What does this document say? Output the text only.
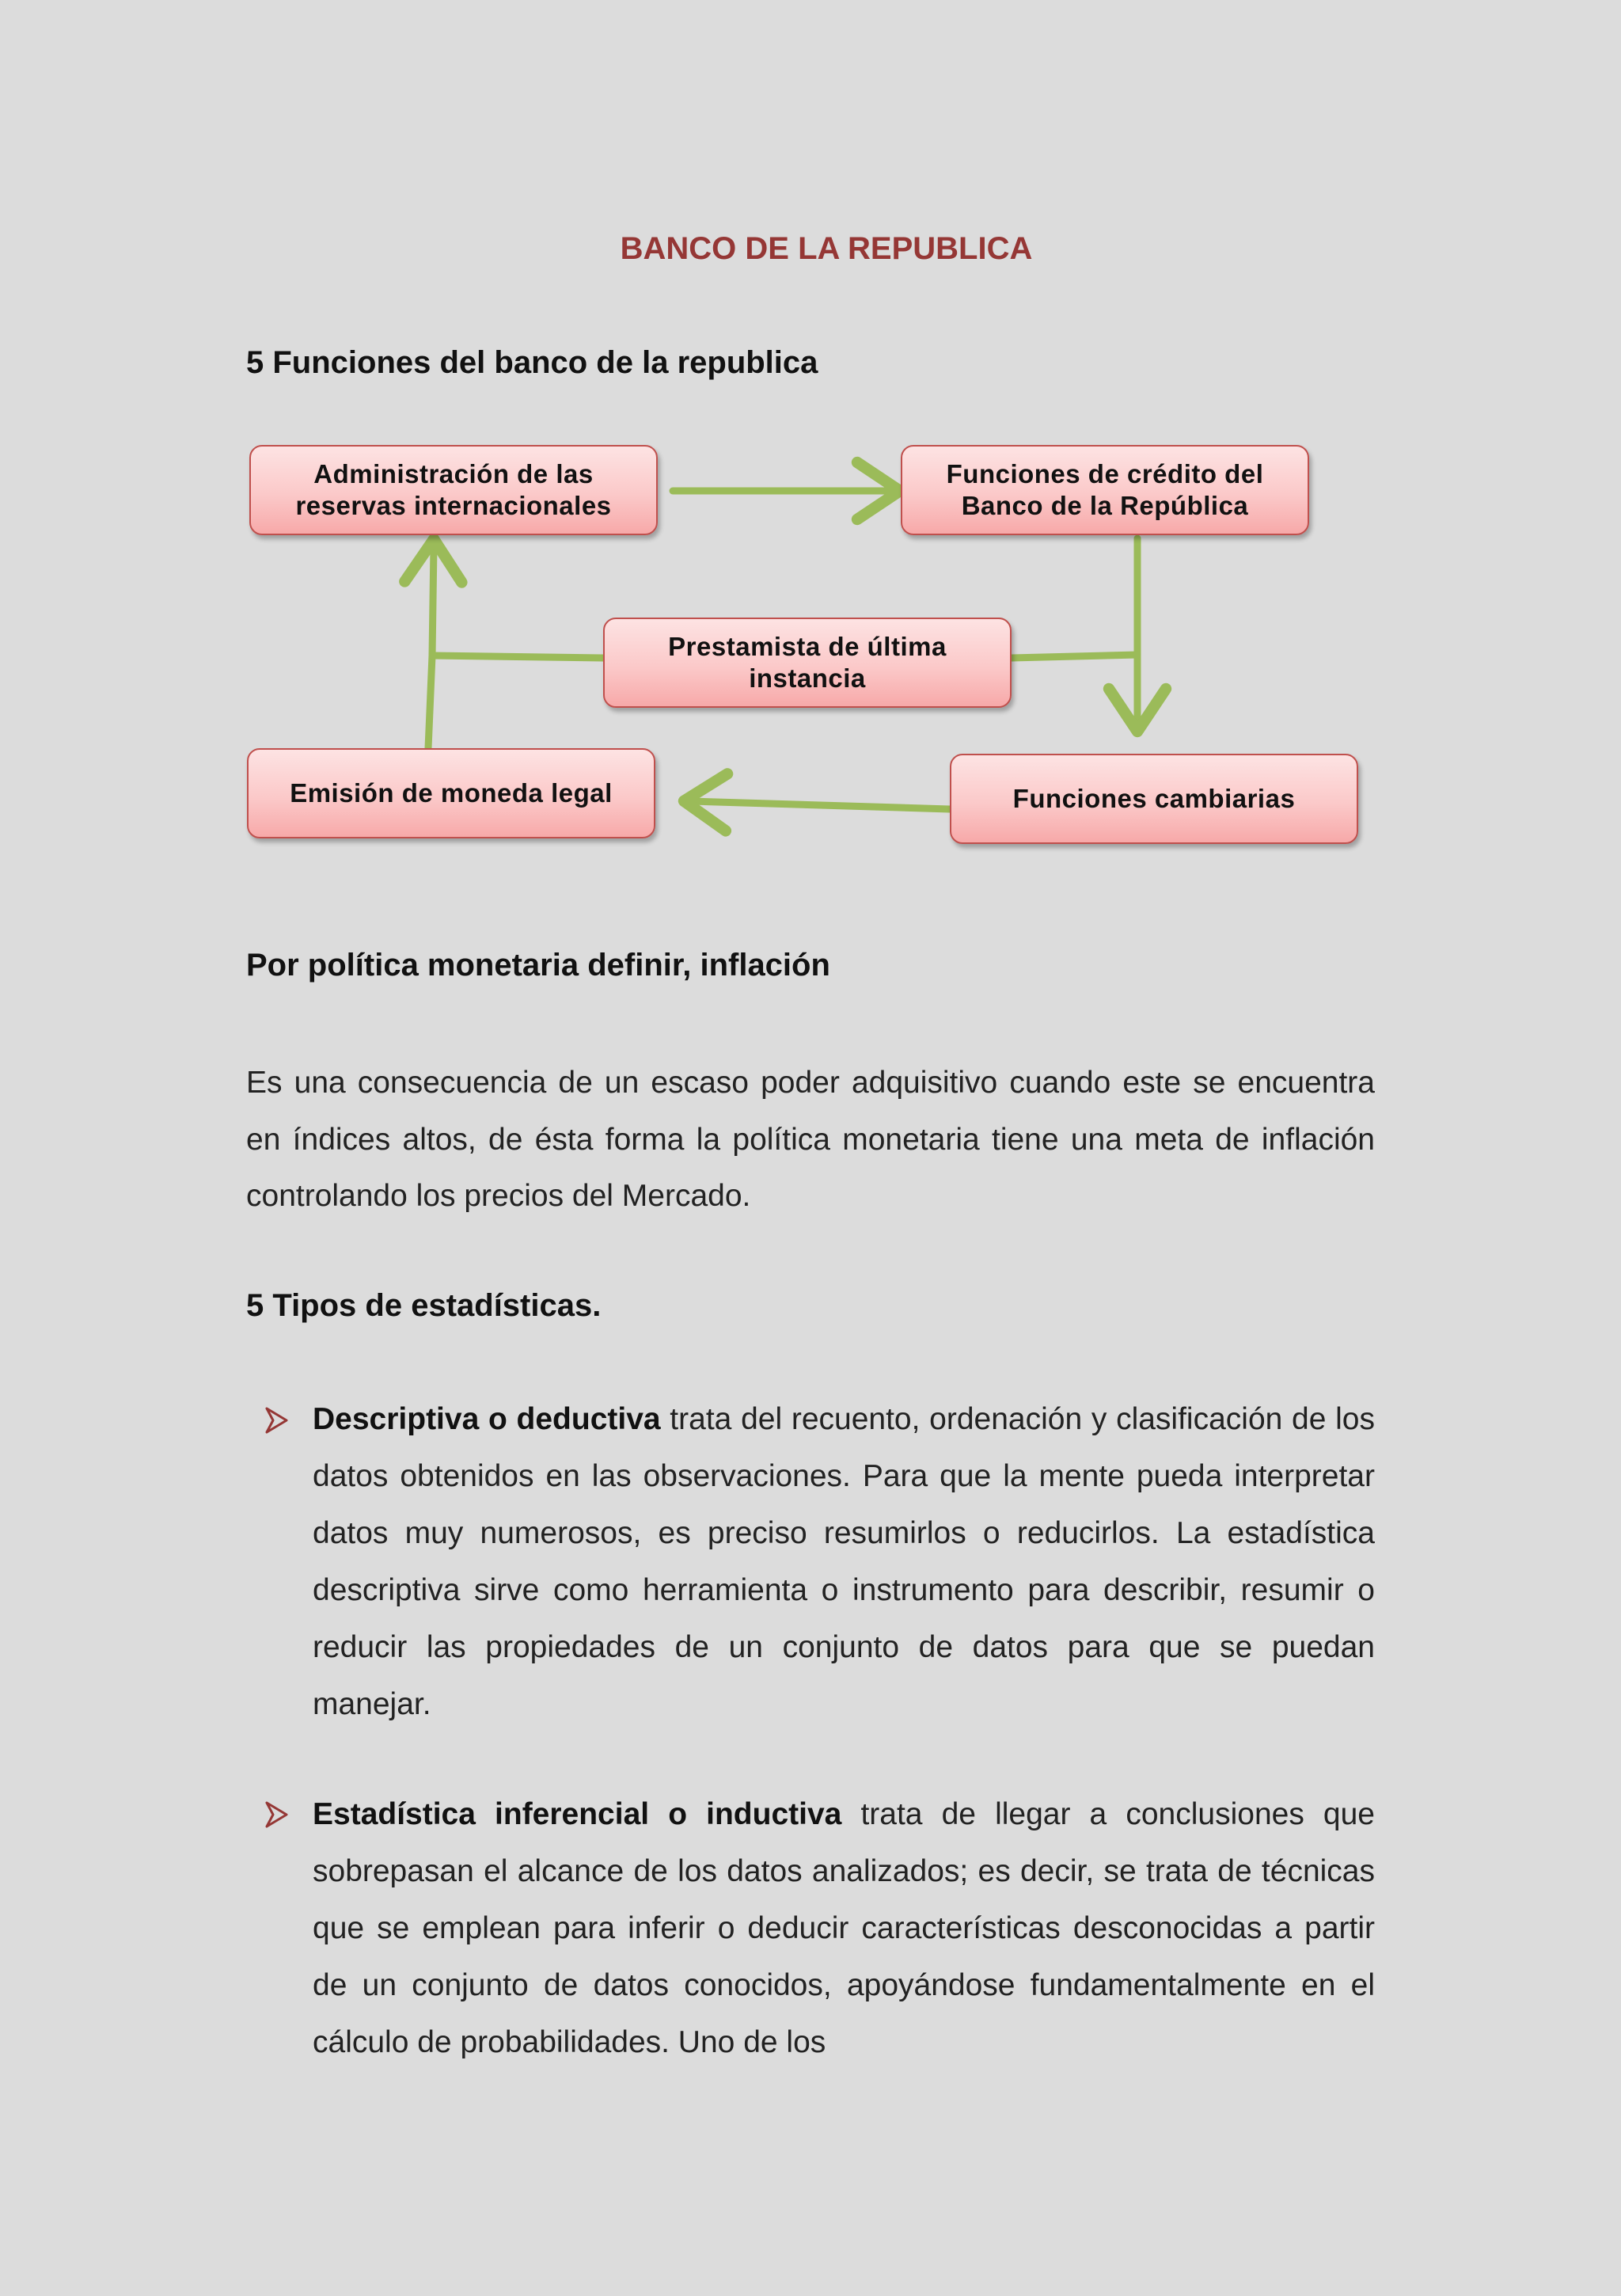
BANCO DE LA REPUBLICA
5 Funciones del banco de la republica
Administración de las
reservas internacionales
Funciones de crédito del
Banco de la República
Prestamista de última
instancia
Emisión de moneda legal	Funciones cambiarias
Por política monetaria definir, inflación

Es una consecuencia de un escaso poder adquisitivo cuando este se encuentra en índices altos, de ésta forma la política monetaria tiene una meta de inflación controlando los precios del Mercado.

5 Tipos de estadísticas.

Descriptiva o deductiva trata del recuento, ordenación y clasificación de los datos obtenidos en las observaciones. Para que la mente pueda interpretar datos muy numerosos, es preciso resumirlos o reducirlos. La estadística descriptiva sirve como herramienta o instrumento para describir, resumir o reducir las propiedades de un conjunto de datos para que se puedan manejar.

Estadística inferencial o inductiva trata de llegar a conclusiones que sobrepasan el alcance de los datos analizados; es decir, se trata de técnicas que se emplean para inferir o deducir características desconocidas a partir de un conjunto de datos conocidos, apoyándose fundamentalmente en el cálculo de probabilidades. Uno de los
